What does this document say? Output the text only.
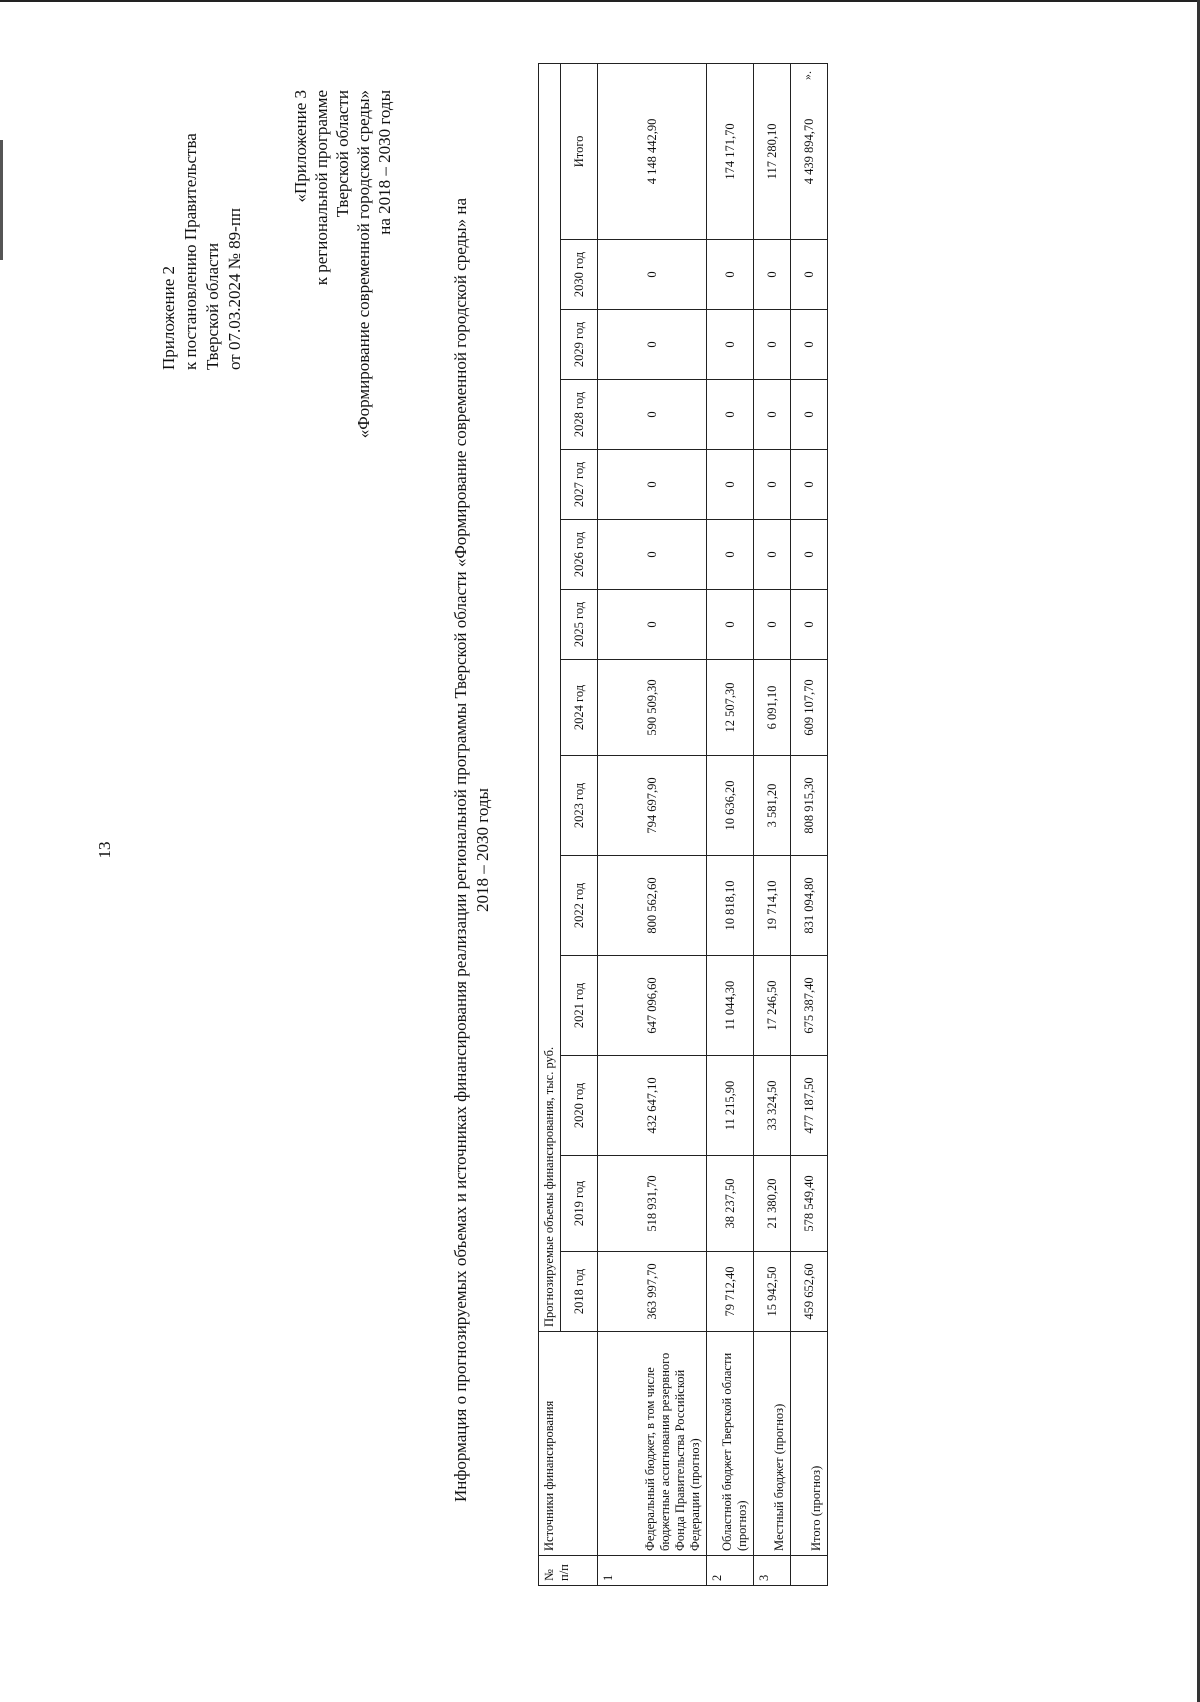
13
Приложение 2 к постановлению Правительства Тверской области от 07.03.2024 № 89-пп
«Приложение 3 к региональной программе Тверской области «Формирование современной городской среды» на 2018 – 2030 годы
Информация о прогнозируемых объемах и источниках финансирования реализации региональной программы Тверской области «Формирование современной городской среды» на 2018 – 2030 годы
№ п/п	Источники финансирования	Прогнозируемые объемы финансирования, тыс. руб.													
		2018 год	2019 год	2020 год	2021 год	2022 год	2023 год	2024 год	2025 год	2026 год	2027 год	2028 год	2029 год	2030 год	Итого
1	Федеральный бюджет, в том числе бюджетные ассигнования резервного Фонда Правительства Российской Федерации (прогноз)	363 997,70	518 931,70	432 647,10	647 096,60	800 562,60	794 697,90	590 509,30	0	0	0	0	0	0	4 148 442,90
2	Областной бюджет Тверской области (прогноз)	79 712,40	38 237,50	11 215,90	11 044,30	10 818,10	10 636,20	12 507,30	0	0	0	0	0	0	174 171,70
3	Местный бюджет (прогноз)	15 942,50	21 380,20	33 324,50	17 246,50	19 714,10	3 581,20	6 091,10	0	0	0	0	0	0	117 280,10
	Итого (прогноз)	459 652,60	578 549,40	477 187,50	675 387,40	831 094,80	808 915,30	609 107,70	0	0	0	0	0	0	4 439 894,70
».
